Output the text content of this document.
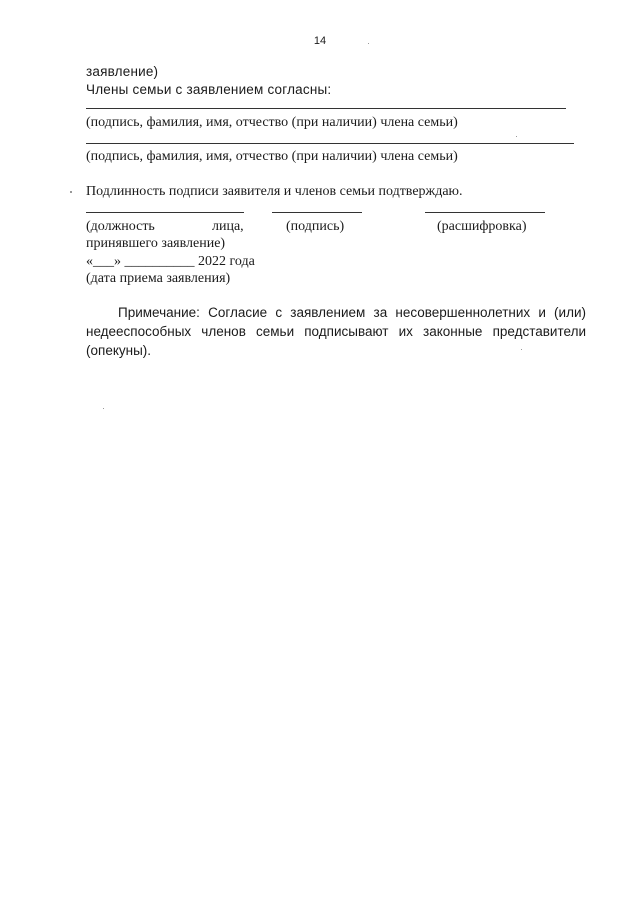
14
заявление)
Члены семьи с заявлением согласны:
(подпись, фамилия, имя, отчество (при наличии) члена семьи)
(подпись, фамилия, имя, отчество (при наличии) члена семьи)
Подлинность подписи заявителя и членов семьи подтверждаю.
(должность	лица,	(подпись)	(расшифровка)
принявшего заявление)
«___» __________ 2022 года
(дата приема заявления)
Примечание: Согласие с заявлением за несовершеннолетних и (или) недееспособных членов семьи подписывают их законные представители (опекуны).
